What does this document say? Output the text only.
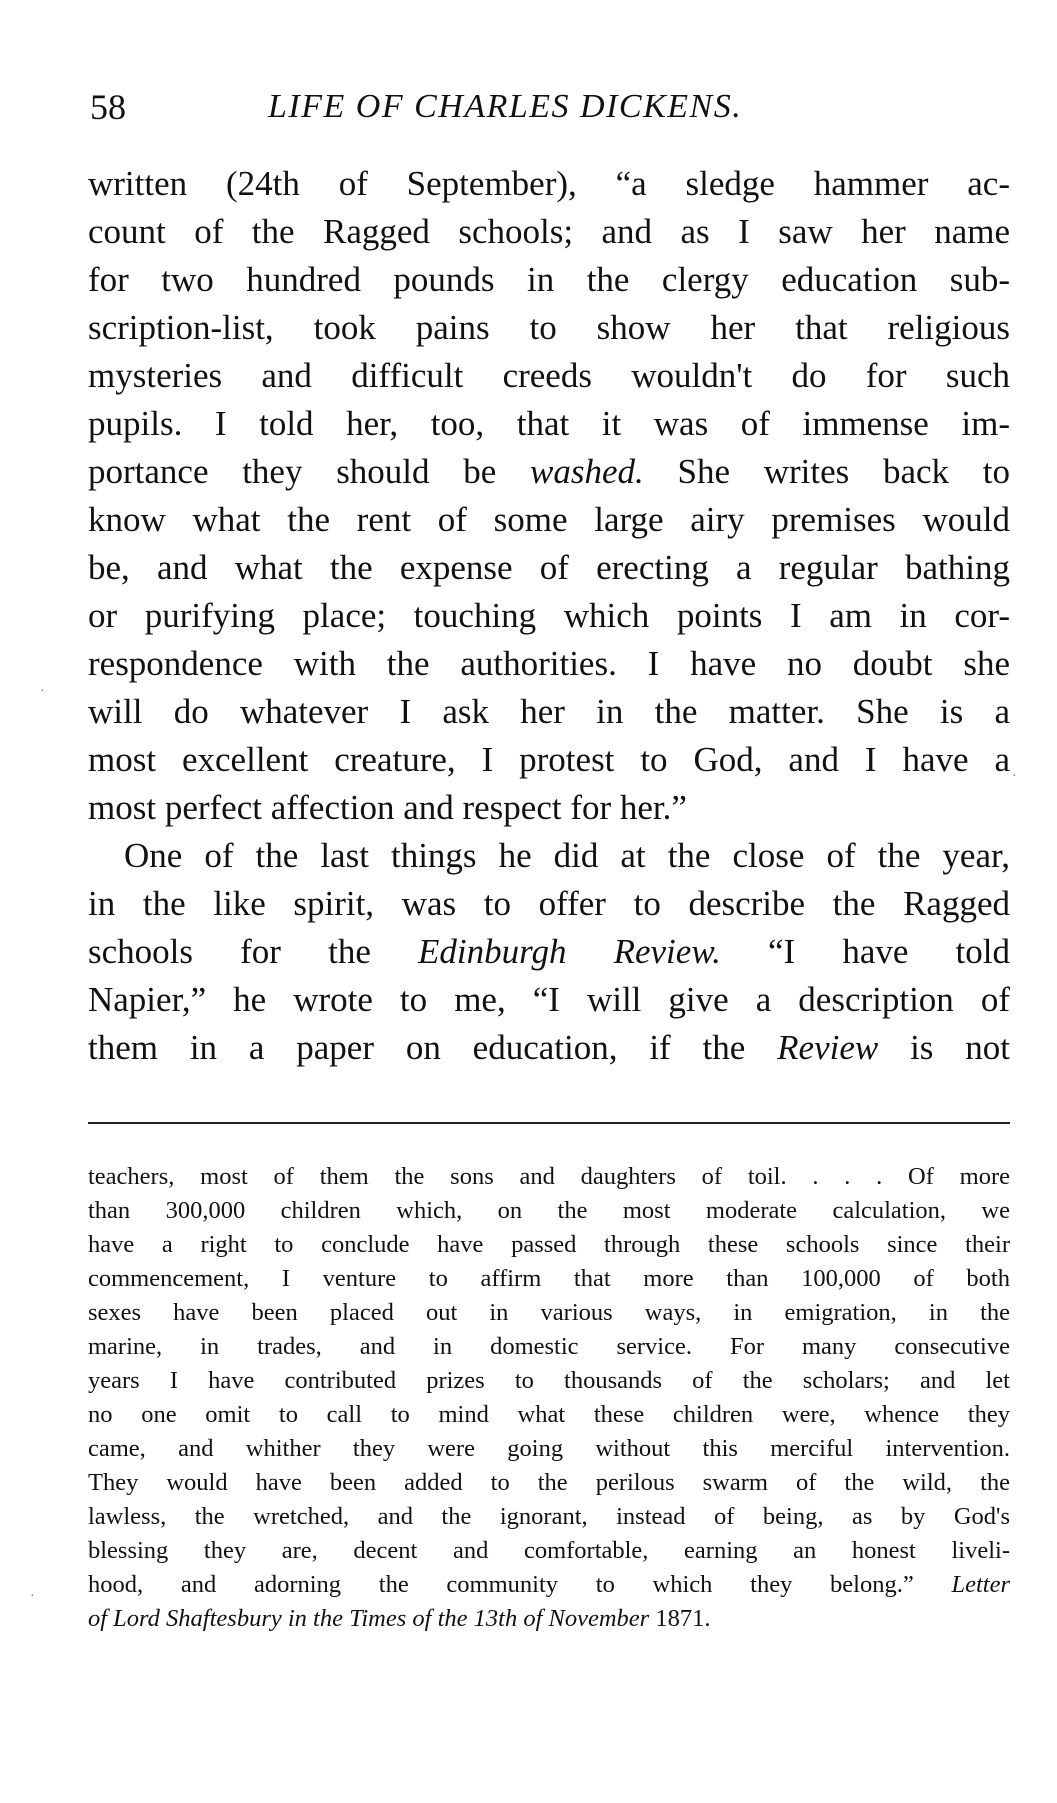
58	LIFE OF CHARLES DICKENS.
written (24th of September), “a sledge hammer ac-
count of the Ragged schools; and as I saw her name
for two hundred pounds in the clergy education sub-
scription-list, took pains to show her that religious
mysteries and difficult creeds wouldn't do for such
pupils. I told her, too, that it was of immense im-
portance they should be washed. She writes back to
know what the rent of some large airy premises would
be, and what the expense of erecting a regular bathing
or purifying place; touching which points I am in cor-
respondence with the authorities. I have no doubt she
will do whatever I ask her in the matter. She is a
most excellent creature, I protest to God, and I have a
most perfect affection and respect for her.”
One of the last things he did at the close of the year,
in the like spirit, was to offer to describe the Ragged
schools for the Edinburgh Review. “I have told
Napier,” he wrote to me, “I will give a description of
them in a paper on education, if the Review is not
teachers, most of them the sons and daughters of toil. . . . Of more
than 300,000 children which, on the most moderate calculation, we
have a right to conclude have passed through these schools since their
commencement, I venture to affirm that more than 100,000 of both
sexes have been placed out in various ways, in emigration, in the
marine, in trades, and in domestic service. For many consecutive
years I have contributed prizes to thousands of the scholars; and let
no one omit to call to mind what these children were, whence they
came, and whither they were going without this merciful intervention.
They would have been added to the perilous swarm of the wild, the
lawless, the wretched, and the ignorant, instead of being, as by God's
blessing they are, decent and comfortable, earning an honest liveli-
hood, and adorning the community to which they belong.” Letter
of Lord Shaftesbury in the Times of the 13th of November 1871.
·
·
·
